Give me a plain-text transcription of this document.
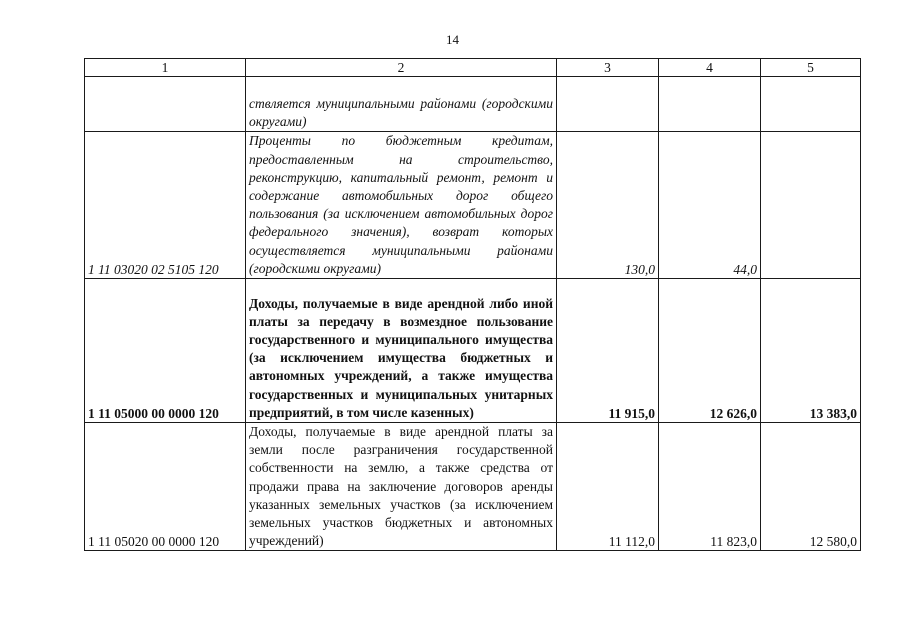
14
1	2	3	4	5
	ствляется муниципальными районами (городскими округами)			
1 11 03020 02 5105 120	Проценты по бюджетным кредитам, предоставленным на строительство, реконструкцию, капитальный ремонт, ремонт и содержание автомобильных дорог общего пользования (за исключением автомобильных дорог федерального значения), возврат которых осуществляется муниципальными районами (городскими округами)	130,0	44,0	
1 11 05000 00 0000 120	Доходы, получаемые в виде арендной либо иной платы за передачу в возмездное пользование государственного и муниципального имущества (за исключением имущества бюджетных и автономных учреждений, а также имущества государственных и муниципальных унитарных предприятий, в том числе казенных)	11 915,0	12 626,0	13 383,0
1 11 05020 00 0000 120	Доходы, получаемые в виде арендной платы за земли после разграничения государственной собственности на землю, а также средства от продажи права на заключение договоров аренды указанных земельных участков (за исключением земельных участков бюджетных и автономных учреждений)	11 112,0	11 823,0	12 580,0
